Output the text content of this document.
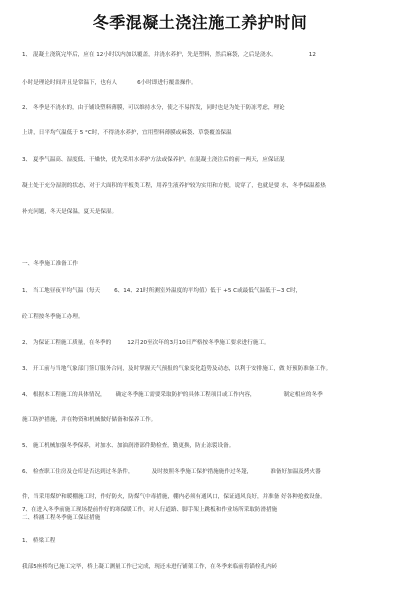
冬季混凝土浇注施工养护时间
1、 混凝土浇筑完毕后，应在 12小时以内加以覆盖，并浇水养护，先是塑料，然后麻袋，之后是浇水。	12
小时是理论时间并且是常温下，也有人	6小时即进行覆盖操作。
2、 冬季是不浇水的，由于铺设塑料薄膜，可以维持水分，使之不易挥发，同时也是为处于防冻考虑，理论
上讲，日平均气温低于 5 °C时，不得浇水养护，宜用塑料薄膜或麻袋、草袋覆盖保温
3、 夏季气温高、湿度低、干燥快，优先采用水养护方法或保养护，在混凝土浇注后的前一两天，应保证混
凝土处于充分湿润的状态，对于大面积的平板类工程，用养生液养护较为实用和方便，说穿了，也就是要 水，冬季保温蓄热
补充问题，冬天是保温，夏天是保湿。
一、冬季施工准备工作
1、 当工地昼夜平均气温（每天	6、14、21时所测室外温度的平均值）低于 +5 C或最低气温低于−3 C时，
砼工程按冬季施工办理。
2、 为保证工程施工质量，在冬季的	12月20至次年的3月10日严格按冬季施工要求进行施工。
3、 开工前与当地气象部门签订服务合同，及时掌握天气预报的气象变化趋势及动态，以利于安排施工，做 好预防准备工作。
4、 根据本工程施工的具体情况， 确定冬季施工需要采取防护的具体工程项目或工作内容，	制定相应的冬季
施工防护措施，并在物资和机械做好储备和保养工作。
5、 施工机械加强冬季保养，对加水、加油润滑部件勤检查，勤更换，防止冻裂设备。
6、 检查职工住房及仓库是否达到过冬条件，	及时按照冬季施工保护措施施作过冬篷，	准备好加温及烤火器
件，当采用煤炉和暖棚施工时，作好防火，防煤气中毒措施，棚内必须有通风口，保证通风良好，并准备 好各种抢救设备。
7、在进入冬季前施工现场提前作好的寒保暖工作，对人行道路、脚手架上跳板和作业场所采取防滑措施
二、桥涵工程冬季施工保证措施
1、 桥梁工程
我部5座桥均已施工完毕，桥上凝工测量工作已完成，现还未进行铺架工作，在冬季来临前将锚栓孔内砖
